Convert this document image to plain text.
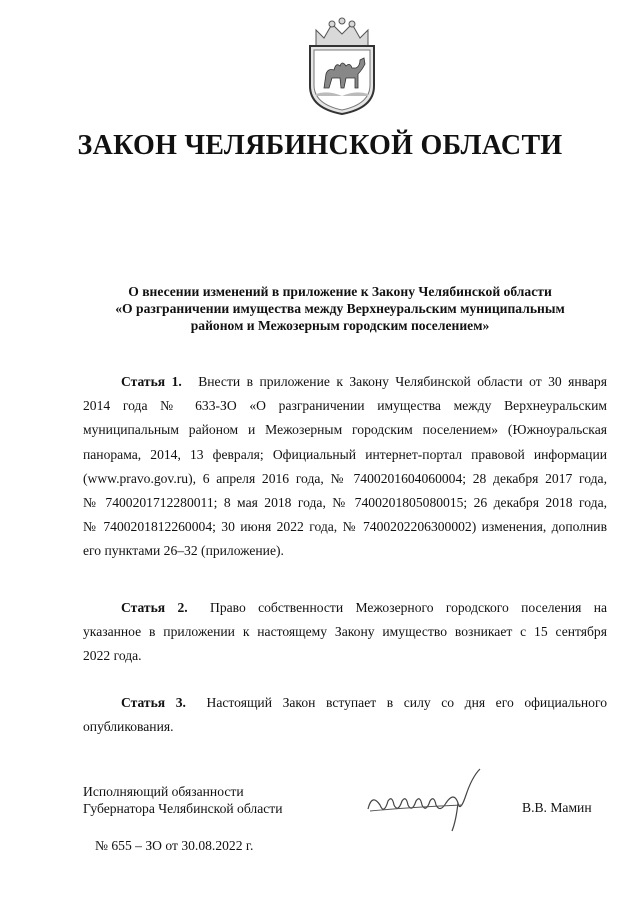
ЗАКОН ЧЕЛЯБИНСКОЙ ОБЛАСТИ
О внесении изменений в приложение к Закону Челябинской области
«О разграничении имущества между Верхнеуральским муниципальным
районом и Межозерным городским поселением»
Статья 1. Внести в приложение к Закону Челябинской области от 30 января
2014 года № 633-ЗО «О разграничении имущества между Верхнеуральским
муниципальным районом и Межозерным городским поселением» (Южноуральская
панорама, 2014, 13 февраля; Официальный интернет-портал правовой информации
(www.pravo.gov.ru), 6 апреля 2016 года, № 7400201604060004; 28 декабря 2017 года,
№ 7400201712280011; 8 мая 2018 года, № 7400201805080015; 26 декабря 2018 года,
№ 7400201812260004; 30 июня 2022 года, № 7400202206300002) изменения, дополнив
его пунктами 26–32 (приложение).
Статья 2. Право собственности Межозерного городского поселения на
указанное в приложении к настоящему Закону имущество возникает с 15 сентября
2022 года.
Статья 3. Настоящий Закон вступает в силу со дня его официального
опубликования.
Исполняющий обязанности
Губернатора Челябинской области	В.В. Мамин
№ 655 – ЗО от 30.08.2022 г.
